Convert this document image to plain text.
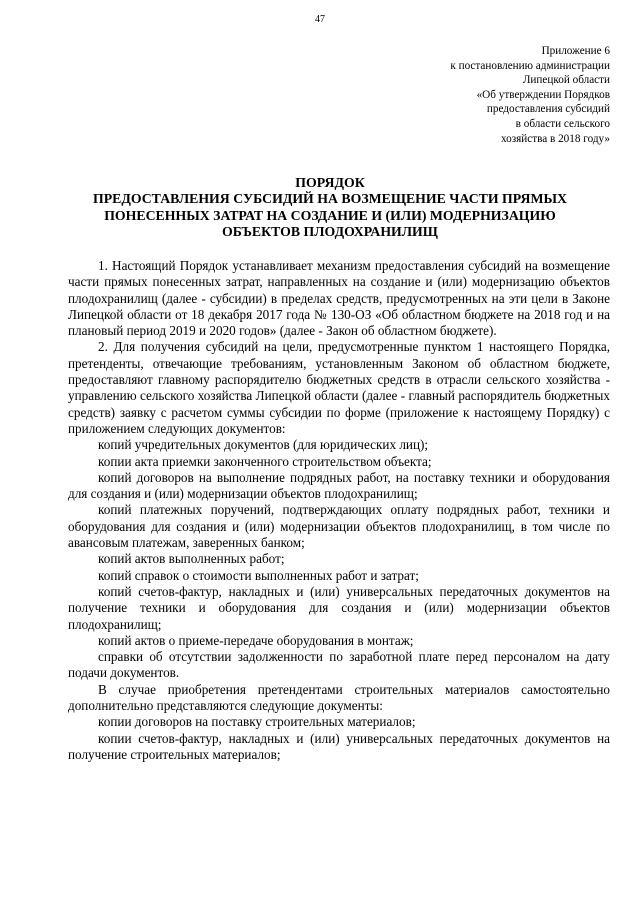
47
Приложение 6
к постановлению администрации
Липецкой области
«Об утверждении Порядков
предоставления субсидий
в области сельского
хозяйства в 2018 году»
ПОРЯДОК
ПРЕДОСТАВЛЕНИЯ СУБСИДИЙ НА ВОЗМЕЩЕНИЕ ЧАСТИ ПРЯМЫХ
ПОНЕСЕННЫХ ЗАТРАТ НА СОЗДАНИЕ И (ИЛИ) МОДЕРНИЗАЦИЮ
ОБЪЕКТОВ ПЛОДОХРАНИЛИЩ

1. Настоящий Порядок устанавливает механизм предоставления субсидий на возмещение части прямых понесенных затрат, направленных на создание и (или) модернизацию объектов плодохранилищ (далее - субсидии) в пределах средств, предусмотренных на эти цели в Законе Липецкой области от 18 декабря 2017 года № 130-ОЗ «Об областном бюджете на 2018 год и на плановый период 2019 и 2020 годов» (далее - Закон об областном бюджете).

2. Для получения субсидий на цели, предусмотренные пунктом 1 настоящего Порядка, претенденты, отвечающие требованиям, установленным Законом об областном бюджете, предоставляют главному распорядителю бюджетных средств в отрасли сельского хозяйства - управлению сельского хозяйства Липецкой области (далее - главный распорядитель бюджетных средств) заявку с расчетом суммы субсидии по форме (приложение к настоящему Порядку) с приложением следующих документов:

копий учредительных документов (для юридических лиц);

копии акта приемки законченного строительством объекта;

копий договоров на выполнение подрядных работ, на поставку техники и оборудования для создания и (или) модернизации объектов плодохранилищ;

копий платежных поручений, подтверждающих оплату подрядных работ, техники и оборудования для создания и (или) модернизации объектов плодохранилищ, в том числе по авансовым платежам, заверенных банком;

копий актов выполненных работ;

копий справок о стоимости выполненных работ и затрат;

копий счетов-фактур, накладных и (или) универсальных передаточных документов на получение техники и оборудования для создания и (или) модернизации объектов плодохранилищ;

копий актов о приеме-передаче оборудования в монтаж;

справки об отсутствии задолженности по заработной плате перед персоналом на дату подачи документов.

В случае приобретения претендентами строительных материалов самостоятельно дополнительно представляются следующие документы:

копии договоров на поставку строительных материалов;

копии счетов-фактур, накладных и (или) универсальных передаточных документов на получение строительных материалов;
